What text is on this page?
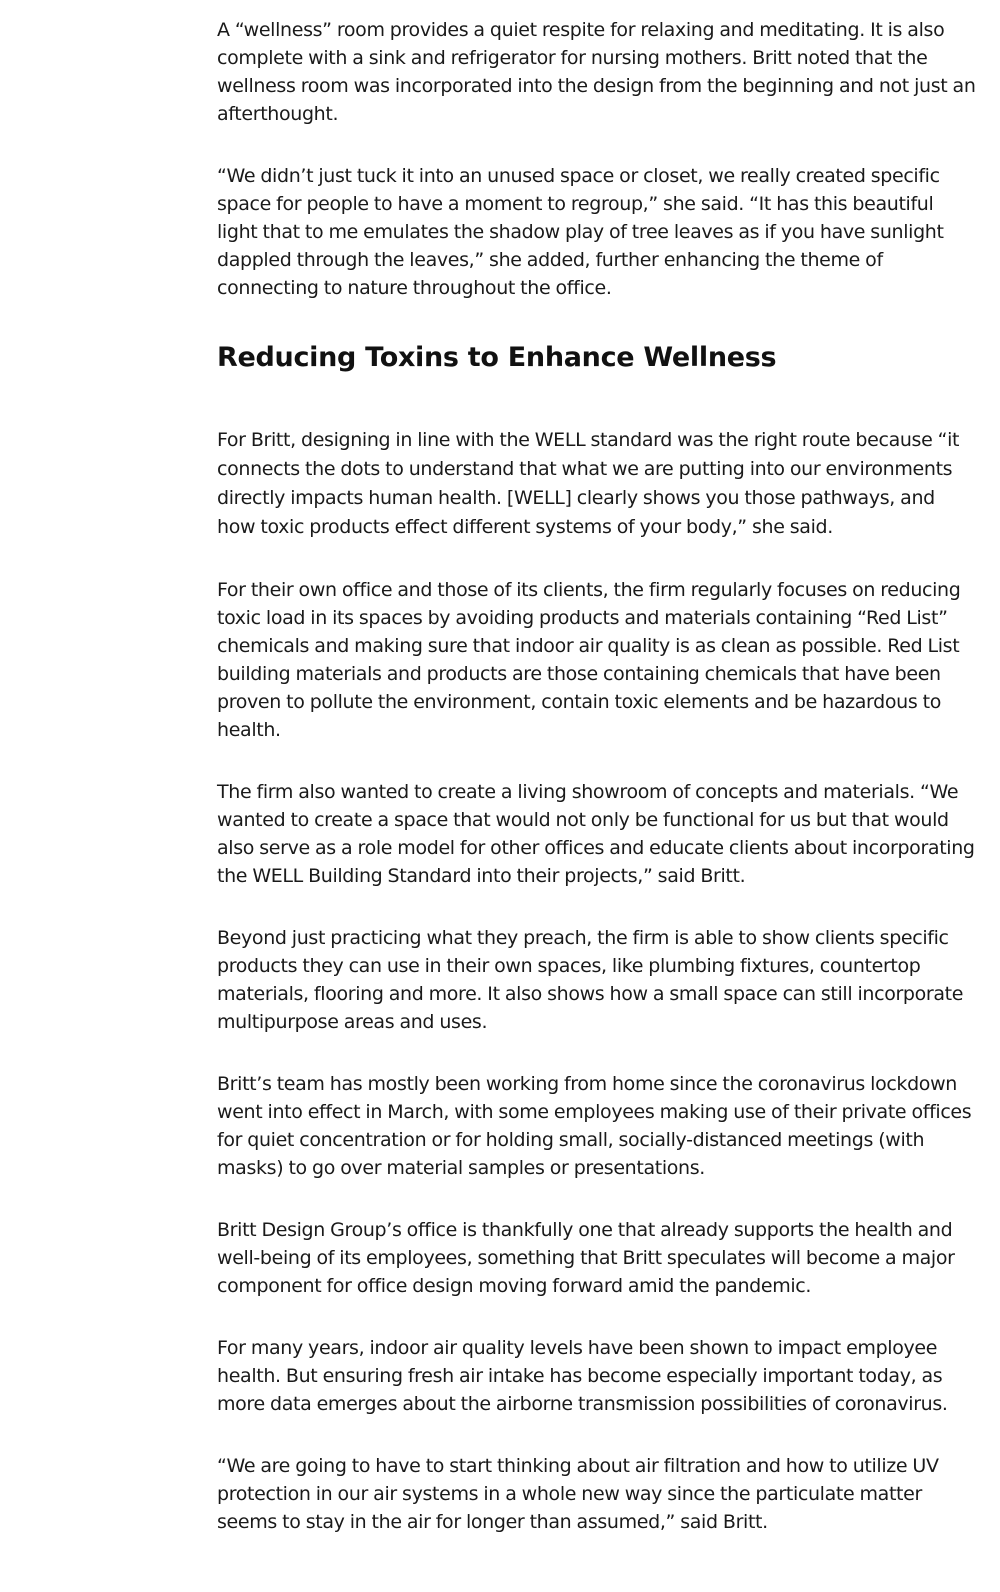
A “wellness” room provides a quiet respite for relaxing and meditating. It is also complete with a sink and refrigerator for nursing mothers. Britt noted that the wellness room was incorporated into the design from the beginning and not just an afterthought.

“We didn’t just tuck it into an unused space or closet, we really created specific space for people to have a moment to regroup,” she said. “It has this beautiful light that to me emulates the shadow play of tree leaves as if you have sunlight dappled through the leaves,” she added, further enhancing the theme of connecting to nature throughout the office.

Reducing Toxins to Enhance Wellness

For Britt, designing in line with the WELL standard was the right route because “it connects the dots to understand that what we are putting into our environments directly impacts human health. [WELL] clearly shows you those pathways, and how toxic products effect different systems of your body,” she said.

For their own office and those of its clients, the firm regularly focuses on reducing toxic load in its spaces by avoiding products and materials containing “Red List” chemicals and making sure that indoor air quality is as clean as possible. Red List building materials and products are those containing chemicals that have been proven to pollute the environment, contain toxic elements and be hazardous to health.

The firm also wanted to create a living showroom of concepts and materials. “We wanted to create a space that would not only be functional for us but that would also serve as a role model for other offices and educate clients about incorporating the WELL Building Standard into their projects,” said Britt.

Beyond just practicing what they preach, the firm is able to show clients specific products they can use in their own spaces, like plumbing fixtures, countertop materials, flooring and more. It also shows how a small space can still incorporate multipurpose areas and uses.

Britt’s team has mostly been working from home since the coronavirus lockdown went into effect in March, with some employees making use of their private offices for quiet concentration or for holding small, socially-distanced meetings (with masks) to go over material samples or presentations.

Britt Design Group’s office is thankfully one that already supports the health and well-being of its employees, something that Britt speculates will become a major component for office design moving forward amid the pandemic.

For many years, indoor air quality levels have been shown to impact employee health. But ensuring fresh air intake has become especially important today, as more data emerges about the airborne transmission possibilities of coronavirus.

“We are going to have to start thinking about air filtration and how to utilize UV protection in our air systems in a whole new way since the particulate matter seems to stay in the air for longer than assumed,” said Britt.
